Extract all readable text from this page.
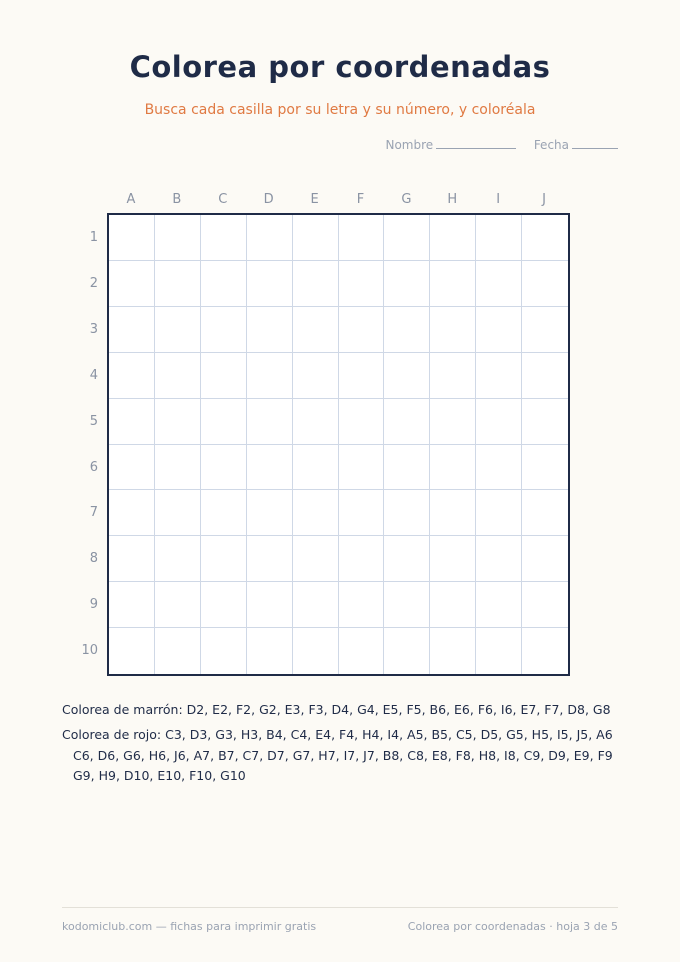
Colorea por coordenadas
Busca cada casilla por su letra y su número, y coloréala
Nombre	Fecha
A	B	C	D	E	F	G	H	I	J
1
2
3
4
5
6
7
8
9
10
Colorea de marrón: D2, E2, F2, G2, E3, F3, D4, G4, E5, F5, B6, E6, F6, I6, E7, F7, D8, G8
Colorea de rojo: C3, D3, G3, H3, B4, C4, E4, F4, H4, I4, A5, B5, C5, D5, G5, H5, I5, J5, A6 C6, D6, G6, H6, J6, A7, B7, C7, D7, G7, H7, I7, J7, B8, C8, E8, F8, H8, I8, C9, D9, E9, F9 G9, H9, D10, E10, F10, G10
kodomiclub.com — fichas para imprimir gratis	Colorea por coordenadas · hoja 3 de 5
